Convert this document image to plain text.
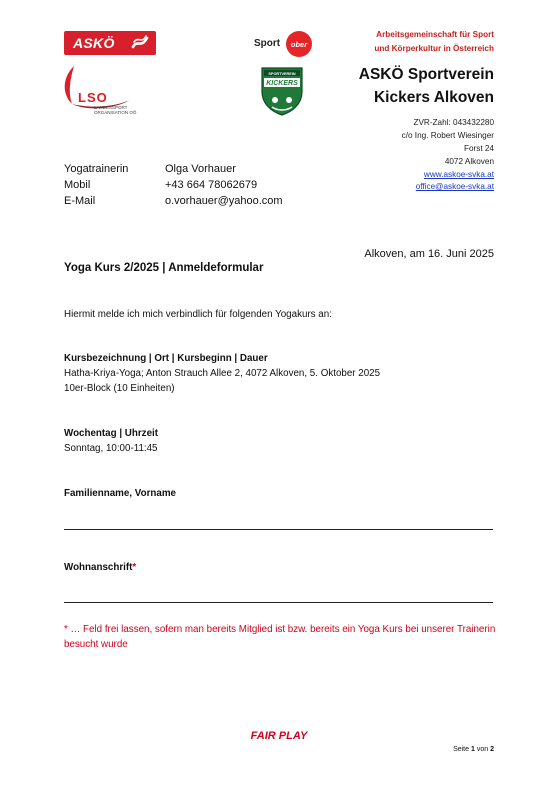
ASKÖ
LSO
LANDESSPORT
ORGANISATION OÖ
Sport ober
SPORTVEREIN
KICKERS
Arbeitsgemeinschaft für Sport
und Körperkultur in Österreich
ASKÖ Sportverein
Kickers Alkoven
ZVR-Zahl: 043432280
c/o Ing. Robert Wiesinger
Forst 24
4072 Alkoven
www.askoe-svka.at
office@askoe-svka.at
Yogatrainerin	Olga Vorhauer
Mobil	+43 664 78062679
E-Mail	o.vorhauer@yahoo.com
Alkoven, am 16. Juni 2025
Yoga Kurs 2/2025 | Anmeldeformular
Hiermit melde ich mich verbindlich für folgenden Yogakurs an:
Kursbezeichnung | Ort | Kursbeginn | Dauer
Hatha-Kriya-Yoga; Anton Strauch Allee 2, 4072 Alkoven, 5. Oktober 2025
10er-Block (10 Einheiten)
Wochentag | Uhrzeit
Sonntag, 10:00-11:45
Familienname, Vorname
Wohnanschrift*
* … Feld frei lassen, sofern man bereits Mitglied ist bzw. bereits ein Yoga Kurs bei unserer Trainerin besucht wurde
FAIR PLAY
Seite 1 von 2
